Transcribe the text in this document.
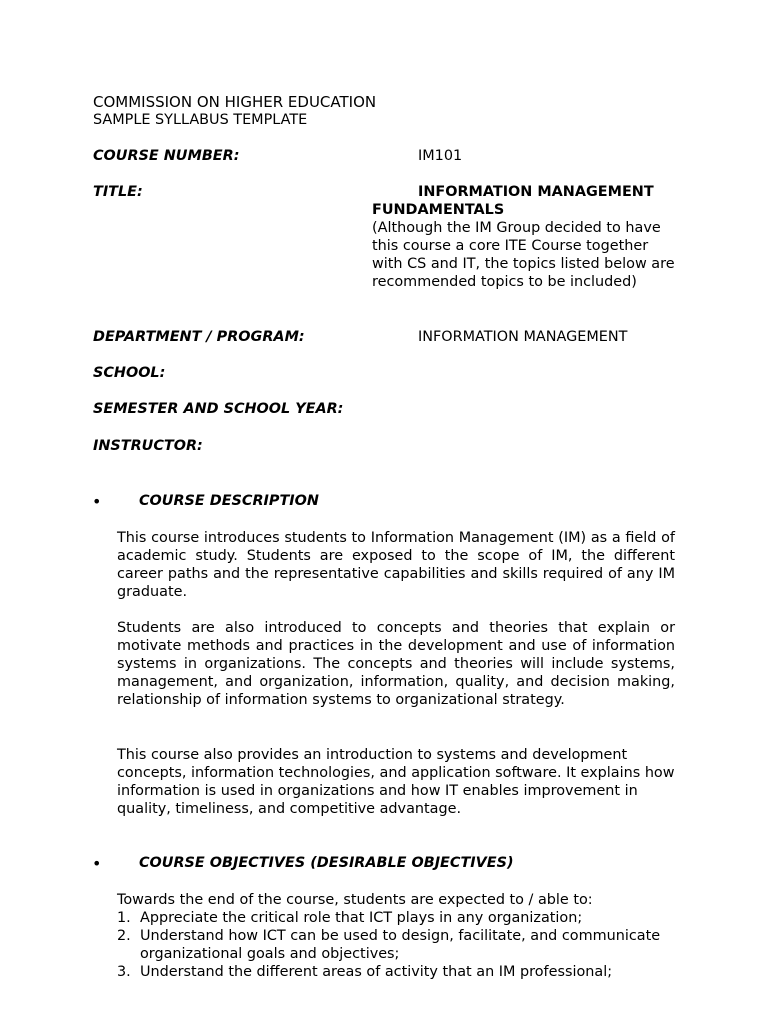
COMMISSION ON HIGHER EDUCATION
SAMPLE SYLLABUS TEMPLATE
COURSE NUMBER:	IM101
TITLE:	INFORMATION MANAGEMENT
FUNDAMENTALS
(Although the IM Group decided to have this course a core ITE Course together with CS and IT, the topics listed below are recommended topics to be included)
DEPARTMENT / PROGRAM:	INFORMATION MANAGEMENT
SCHOOL:
SEMESTER AND SCHOOL YEAR:
INSTRUCTOR:
•	COURSE DESCRIPTION

This course introduces students to Information Management (IM) as a field of academic study. Students are exposed to the scope of IM, the different career paths and the representative capabilities and skills required of any IM graduate.

Students are also introduced to concepts and theories that explain or motivate methods and practices in the development and use of information systems in organizations. The concepts and theories will include systems, management, and organization, information, quality, and decision making, relationship of information systems to organizational strategy.

This course also provides an introduction to systems and development concepts, information technologies, and application software. It explains how information is used in organizations and how IT enables improvement in quality, timeliness, and competitive advantage.

•	COURSE OBJECTIVES (DESIRABLE OBJECTIVES)
Towards the end of the course, students are expected to / able to:
1. Appreciate the critical role that ICT plays in any organization;
2. Understand how ICT can be used to design, facilitate, and communicate organizational goals and objectives;
3. Understand the different areas of activity that an IM professional;
